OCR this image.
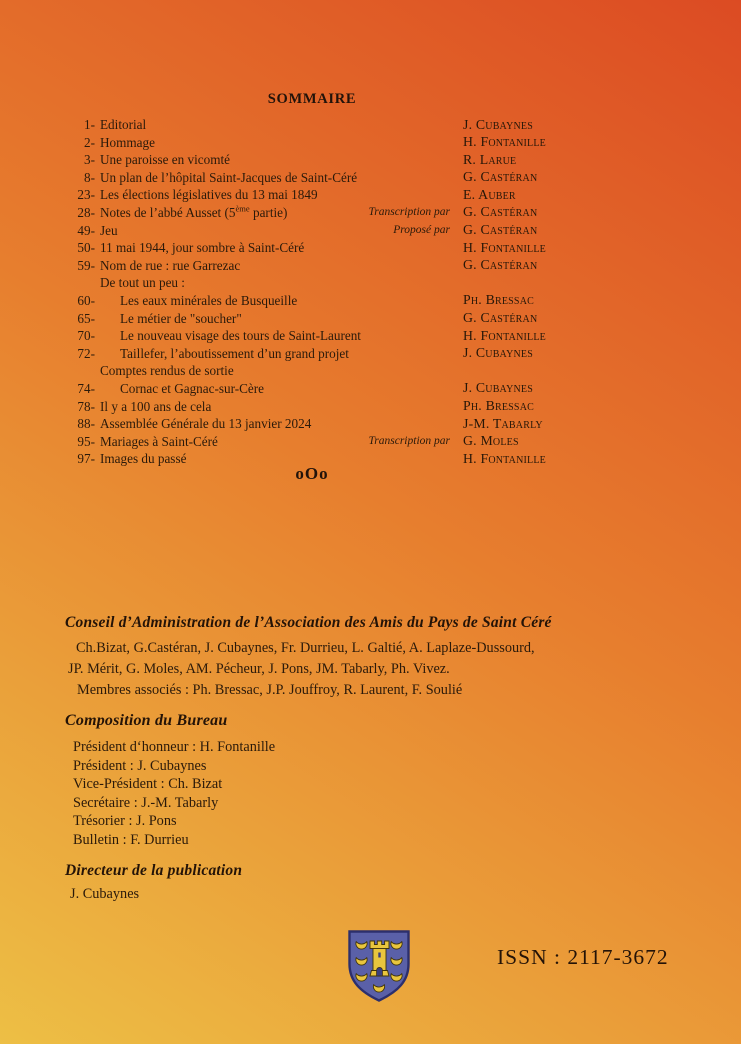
SOMMAIRE
1- Editorial	J. Cubaynes
2- Hommage	H. Fontanille
3- Une paroisse en vicomté	R. Larue
8- Un plan de l’hôpital Saint-Jacques de Saint-Céré	G. Castéran
23- Les élections législatives du 13 mai 1849	E. Auber
28- Notes de l’abbé Ausset (5ème partie)	Transcription par G. Castéran
49- Jeu	Proposé par G. Castéran
50- 11 mai 1944, jour sombre à Saint-Céré	H. Fontanille
59- Nom de rue : rue Garrezac	G. Castéran
De tout un peu :
60- Les eaux minérales de Busqueille	Ph. Bressac
65- Le métier de "soucher"	G. Castéran
70- Le nouveau visage des tours de Saint-Laurent	H. Fontanille
72- Taillefer, l’aboutissement d’un grand projet	J. Cubaynes
Comptes rendus de sortie
74- Cornac et Gagnac-sur-Cère	J. Cubaynes
78- Il y a 100 ans de cela	Ph. Bressac
88- Assemblée Générale du 13 janvier 2024	J-M. Tabarly
95- Mariages à Saint-Céré	Transcription par G. Moles
97- Images du passé	H. Fontanille
oOo
Conseil d’Administration de l’Association des Amis du Pays de Saint Céré
Ch.Bizat, G.Castéran, J. Cubaynes, Fr. Durrieu, L. Galtié, A. Laplaze-Dussourd,
JP. Mérit, G. Moles, AM. Pécheur, J. Pons, JM. Tabarly, Ph. Vivez.
Membres associés : Ph. Bressac, J.P. Jouffroy, R. Laurent, F. Soulié
Composition du Bureau
Président d‘honneur : H. Fontanille
Président : J. Cubaynes
Vice-Président : Ch. Bizat
Secrétaire : J.-M. Tabarly
Trésorier : J. Pons
Bulletin : F. Durrieu
Directeur de la publication
J. Cubaynes
ISSN : 2117-3672
